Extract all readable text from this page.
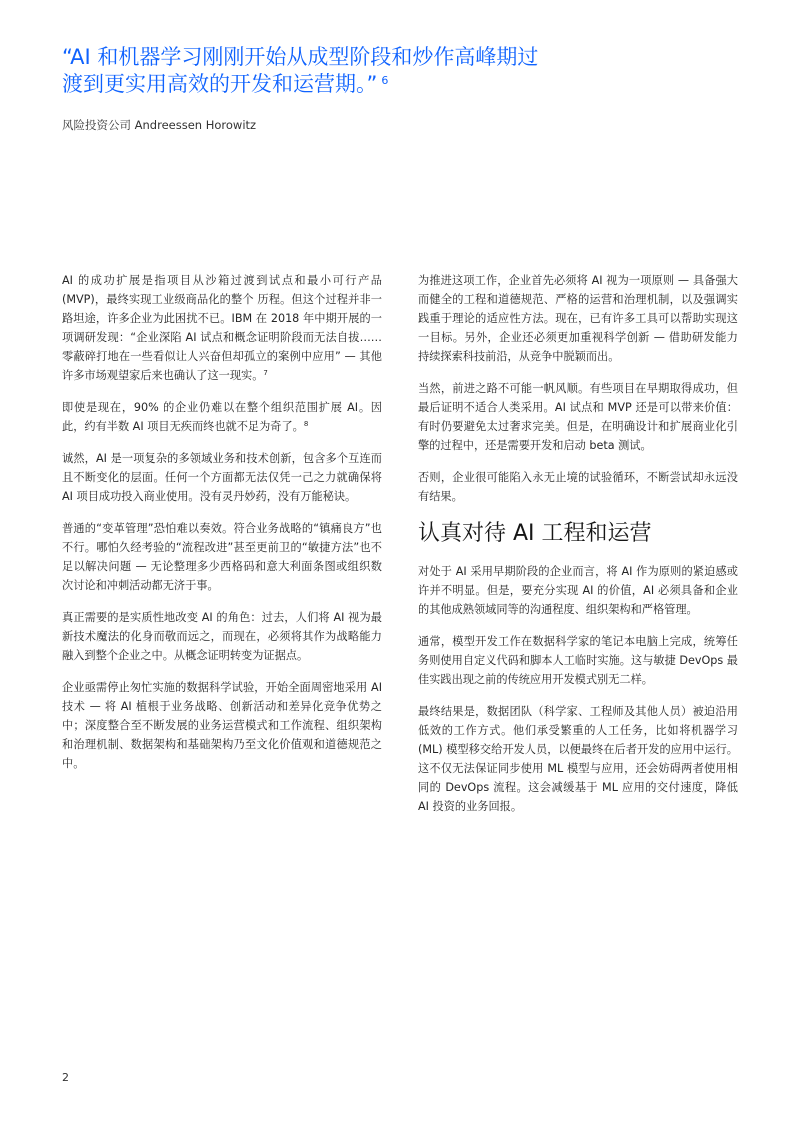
“AI 和机器学习刚刚开始从成型阶段和炒作高峰期过渡到更实用高效的开发和运营期。” $^6$
风险投资公司 Andreessen Horowitz

AI 的成功扩展是指项目从沙箱过渡到试点和最小可行产品 (MVP)，最终实现工业级商品化的整个 历程。但这个过程并非一路坦途，许多企业为此困扰不已。IBM 在 2018 年中期开展的一项调研发现：“企业深陷 AI 试点和概念证明阶段而无法自拔……零蔽碎打地在一些看似让人兴奋但却孤立的案例中应用” — 其他许多市场观望家后来也确认了这一现实。$^7$

即使是现在，90% 的企业仍难以在整个组织范围扩展 AI。因此，约有半数 AI 项目无疾而终也就不足为奇了。$^8$

诚然，AI 是一项复杂的多领域业务和技术创新，包含多个互连而且不断变化的层面。任何一个方面都无法仅凭一己之力就确保将 AI 项目成功投入商业使用。没有灵丹妙药，没有万能秘诀。

普通的“变革管理”恐怕难以奏效。符合业务战略的“镇痛良方”也不行。哪怕久经考验的“流程改进”甚至更前卫的“敏捷方法”也不足以解决问题 — 无论整理多少西格码和意大利面条图或组织数次讨论和冲刺活动都无济于事。

真正需要的是实质性地改变 AI 的角色：过去，人们将 AI 视为最新技术魔法的化身而敬而远之，而现在，必须将其作为战略能力融入到整个企业之中。从概念证明转变为证据点。

企业亟需停止匆忙实施的数据科学试验，开始全面周密地采用 AI 技术 — 将 AI 植根于业务战略、创新活动和差异化竞争优势之中；深度整合至不断发展的业务运营模式和工作流程、组织架构和治理机制、数据架构和基础架构乃至文化价值观和道德规范之中。

为推进这项工作，企业首先必须将 AI 视为一项原则 — 具备强大而健全的工程和道德规范、严格的运营和治理机制，以及强调实践重于理论的适应性方法。现在，已有许多工具可以帮助实现这一目标。另外，企业还必须更加重视科学创新 — 借助研发能力持续探索科技前沿，从竞争中脱颖而出。

当然，前进之路不可能一帆风顺。有些项目在早期取得成功，但最后证明不适合人类采用。AI 试点和 MVP 还是可以带来价值：有时仍要避免太过奢求完美。但是，在明确设计和扩展商业化引擎的过程中，还是需要开发和启动 beta 测试。

否则，企业很可能陷入永无止境的试验循环，不断尝试却永远没有结果。

认真对待 AI 工程和运营

对处于 AI 采用早期阶段的企业而言，将 AI 作为原则的紧迫感或许并不明显。但是，要充分实现 AI 的价值，AI 必须具备和企业的其他成熟领域同等的沟通程度、组织架构和严格管理。

通常，模型开发工作在数据科学家的笔记本电脑上完成，统筹任务则使用自定义代码和脚本人工临时实施。这与敏捷 DevOps 最佳实践出现之前的传统应用开发模式别无二样。

最终结果是，数据团队（科学家、工程师及其他人员）被迫沿用低效的工作方式。他们承受繁重的人工任务，比如将机器学习 (ML) 模型移交给开发人员，以便最终在后者开发的应用中运行。这不仅无法保证同步使用 ML 模型与应用，还会妨碍两者使用相同的 DevOps 流程。这会减缓基于 ML 应用的交付速度，降低 AI 投资的业务回报。

2
